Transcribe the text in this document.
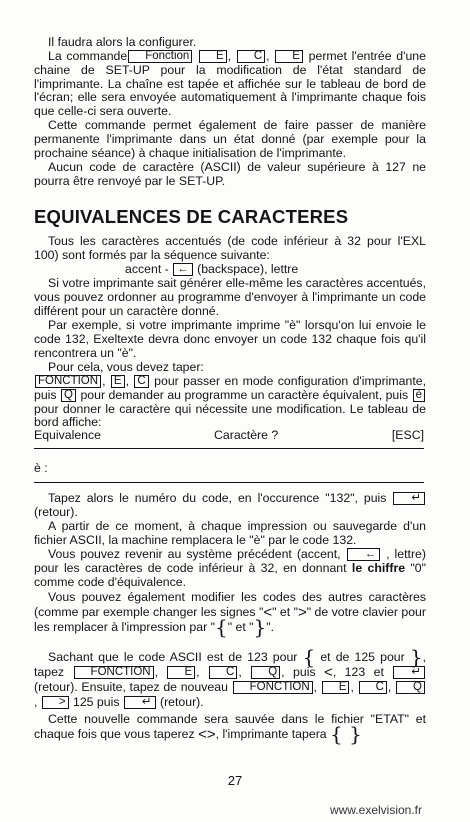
Il faudra alors la configurer.
La commande Fonction E , C , E permet l'entrée d'une chaine de SET-UP pour la modification de l'état standard de l'imprimante. La chaîne est tapée et affichée sur le tableau de bord de l'écran; elle sera envoyée automatiquement à l'imprimante chaque fois que celle-ci sera ouverte.
Cette commande permet également de faire passer de manière permanente l'imprimante dans un état donné (par exemple pour la prochaine séance) à chaque initialisation de l'imprimante.
Aucun code de caractère (ASCII) de valeur supérieure à 127 ne pourra être renvoyé par le SET-UP.
EQUIVALENCES DE CARACTERES
Tous les caractères accentués (de code inférieur à 32 pour l'EXL 100) sont formés par la séquence suivante:
accent - ← (backspace), lettre
Si votre imprimante sait générer elle-même les caractères accentués, vous pouvez ordonner au programme d'envoyer à l'imprimante un code différent pour un caractère donné.
Par exemple, si votre imprimante imprime "è" lorsqu'on lui envoie le code 132, Exeltexte devra donc envoyer un code 132 chaque fois qu'il rencontrera un "è".
Pour cela, vous devez taper:
FONCTION , E , C pour passer en mode configuration d'imprimante, puis Q pour demander au programme un caractère équivalent, puis è pour donner le caractère qui nécessite une modification. Le tableau de bord affiche:
Equivalence	Caractère ?	[ESC]
è :
Tapez alors le numéro du code, en l'occurence "132", puis ↵ (retour).
A partir de ce moment, à chaque impression ou sauvegarde d'un fichier ASCII, la machine remplacera le "è" par le code 132.
Vous pouvez revenir au système précédent (accent, ← , lettre) pour les caractères de code inférieur à 32, en donnant le chiffre "0" comme code d'équivalence.
Vous pouvez également modifier les codes des autres caractères (comme par exemple changer les signes "<" et ">" de votre clavier pour les remplacer à l'impression par "{" et "}".
Sachant que le code ASCII est de 123 pour { et de 125 pour }, tapez FONCTION , E , C , Q , puis <, 123 et ↵ (retour). Ensuite, tapez de nouveau FONCTION , E , C , Q, > 125 puis ↵ (retour).
Cette nouvelle commande sera sauvée dans le fichier "ETAT" et chaque fois que vous taperez <>, l'imprimante tapera { }
27
www.exelvision.fr
